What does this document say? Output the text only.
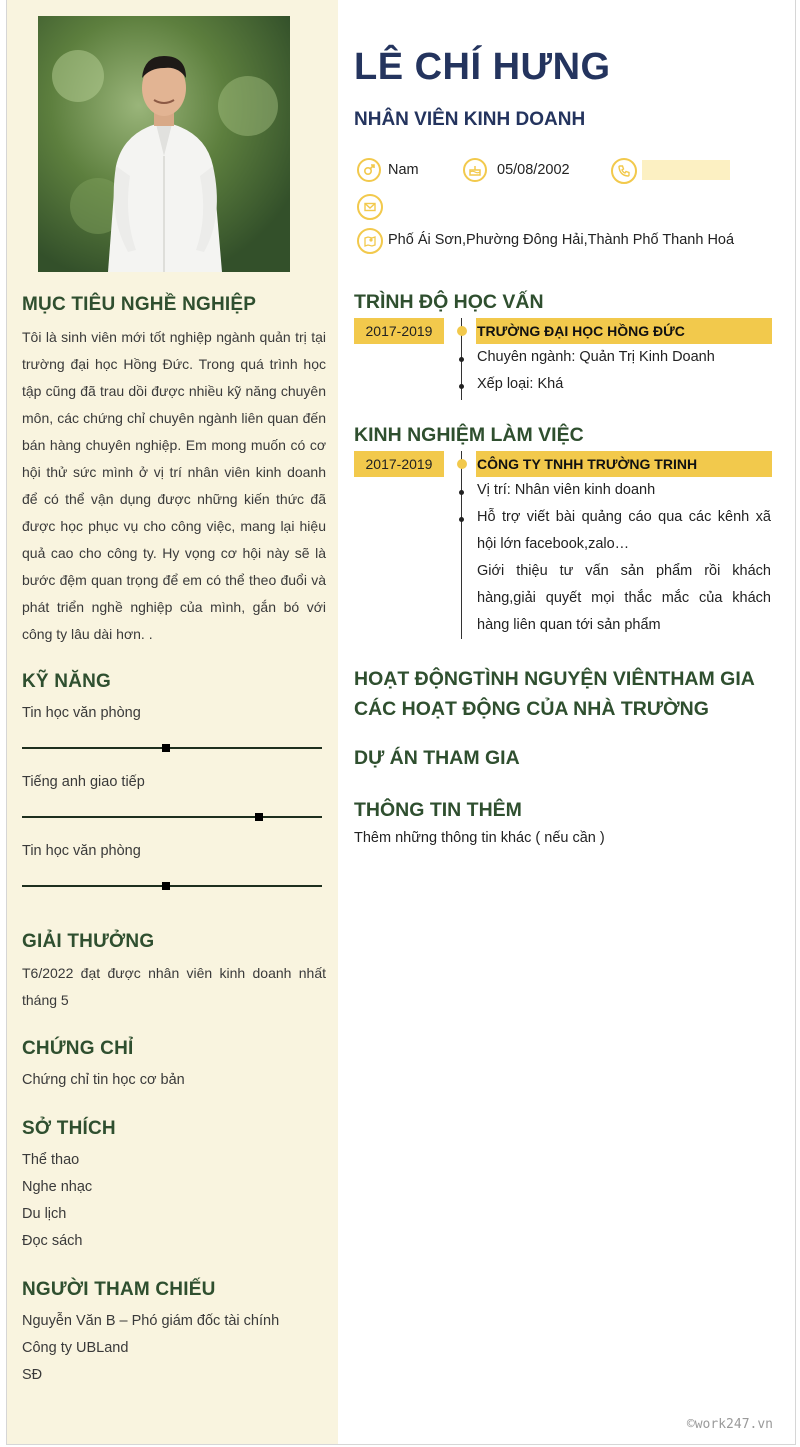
MỤC TIÊU NGHỀ NGHIỆP

Tôi là sinh viên mới tốt nghiệp ngành quản trị tại trường đại học Hồng Đức. Trong quá trình học tập cũng đã trau dồi được nhiều kỹ năng chuyên môn, các chứng chỉ chuyên ngành liên quan đến bán hàng chuyên nghiệp. Em mong muốn có cơ hội thử sức mình ở vị trí nhân viên kinh doanh để có thể vận dụng được những kiến thức đã được học phục vụ cho công việc, mang lại hiệu quả cao cho công ty. Hy vọng cơ hội này sẽ là bước đệm quan trọng để em có thể theo đuổi và phát triển nghề nghiệp của mình, gắn bó với công ty lâu dài hơn. .

KỸ NĂNG
Tin học văn phòng
Tiếng anh giao tiếp
Tin học văn phòng
GIẢI THƯỞNG

T6/2022 đạt được nhân viên kinh doanh nhất tháng 5

CHỨNG CHỈ
Chứng chỉ tin học cơ bản
SỞ THÍCH
Thể thao
Nghe nhạc
Du lịch
Đọc sách
NGƯỜI THAM CHIẾU
Nguyễn Văn B – Phó giám đốc tài chính
Công ty UBLand
SĐ
LÊ CHÍ HƯNG
NHÂN VIÊN KINH DOANH
Nam	05/08/2002
Phố Ái Sơn,Phường Đông Hải,Thành Phố Thanh Hoá
TRÌNH ĐỘ HỌC VẤN
2017-2019	TRƯỜNG ĐẠI HỌC HỒNG ĐỨC
Chuyên ngành: Quản Trị Kinh Doanh
Xếp loại: Khá
KINH NGHIỆM LÀM VIỆC
2017-2019	CÔNG TY TNHH TRƯỜNG TRINH
Vị trí: Nhân viên kinh doanh
Hỗ trợ viết bài quảng cáo qua các kênh xã hội lớn facebook,zalo…
Giới thiệu tư vấn sản phẩm rồi khách hàng,giải quyết mọi thắc mắc của khách hàng liên quan tới sản phẩm
HOẠT ĐỘNGTÌNH NGUYỆN VIÊNTHAM GIA CÁC HOẠT ĐỘNG CỦA NHÀ TRƯỜNG
DỰ ÁN THAM GIA
THÔNG TIN THÊM
Thêm những thông tin khác ( nếu cần )
©work247.vn
